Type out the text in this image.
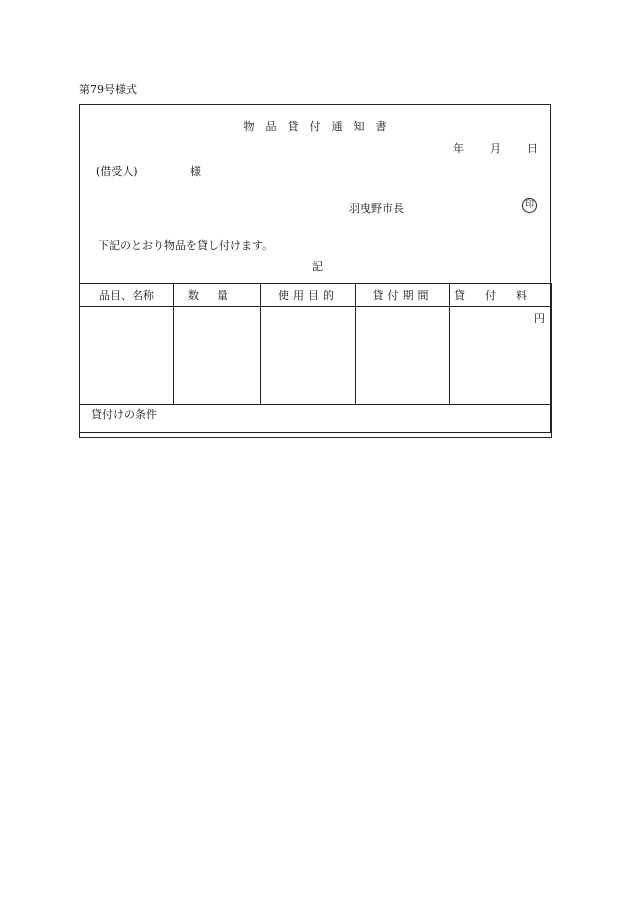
第79号様式
物品貸付通知書
年 月 日
(借受人)	様
羽曳野市長	印
下記のとおり物品を貸し付けます。
記
品目、名称	数量	使用目的	貸付期間	貸付料
				円
貸付けの条件				
